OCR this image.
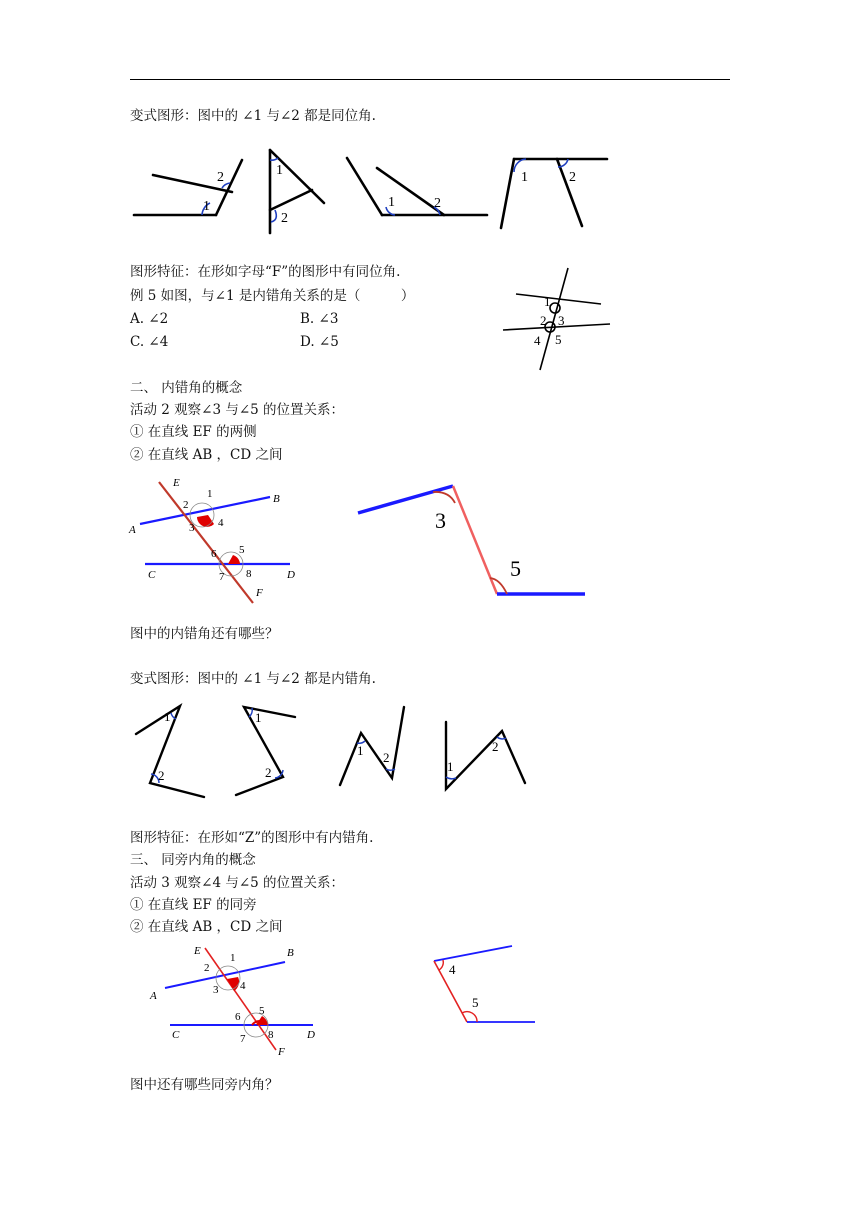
变式图形：图中的 ∠1 与∠2 都是同位角.
1
2	1
2
1	2
1	2
图形特征：在形如字母“F”的图形中有同位角.
例 5 如图，与∠1 是内错角关系的是（　　　）
A. ∠2	B. ∠3
C. ∠4	D. ∠5
1
2 3
4 5
二、 内错角的概念
活动 2 观察∠3 与∠5 的位置关系：
① 在直线 EF 的两侧
② 在直线 AB ，CD 之间
2
1
3 4
6 5
7 8
E
B
A
C	D
F
3
5
图中的内错角还有哪些？
变式图形：图中的 ∠1 与∠2 都是内错角.
1
2
1
2
1 2
1
2
图形特征：在形如“Z”的图形中有内错角.
三、 同旁内角的概念
活动 3 观察∠4 与∠5 的位置关系：
① 在直线 EF 的同旁
② 在直线 AB ，CD 之间
2
1
3 4
6 5
7 8
E	B
A
C	D
F
4
5
图中还有哪些同旁内角？
